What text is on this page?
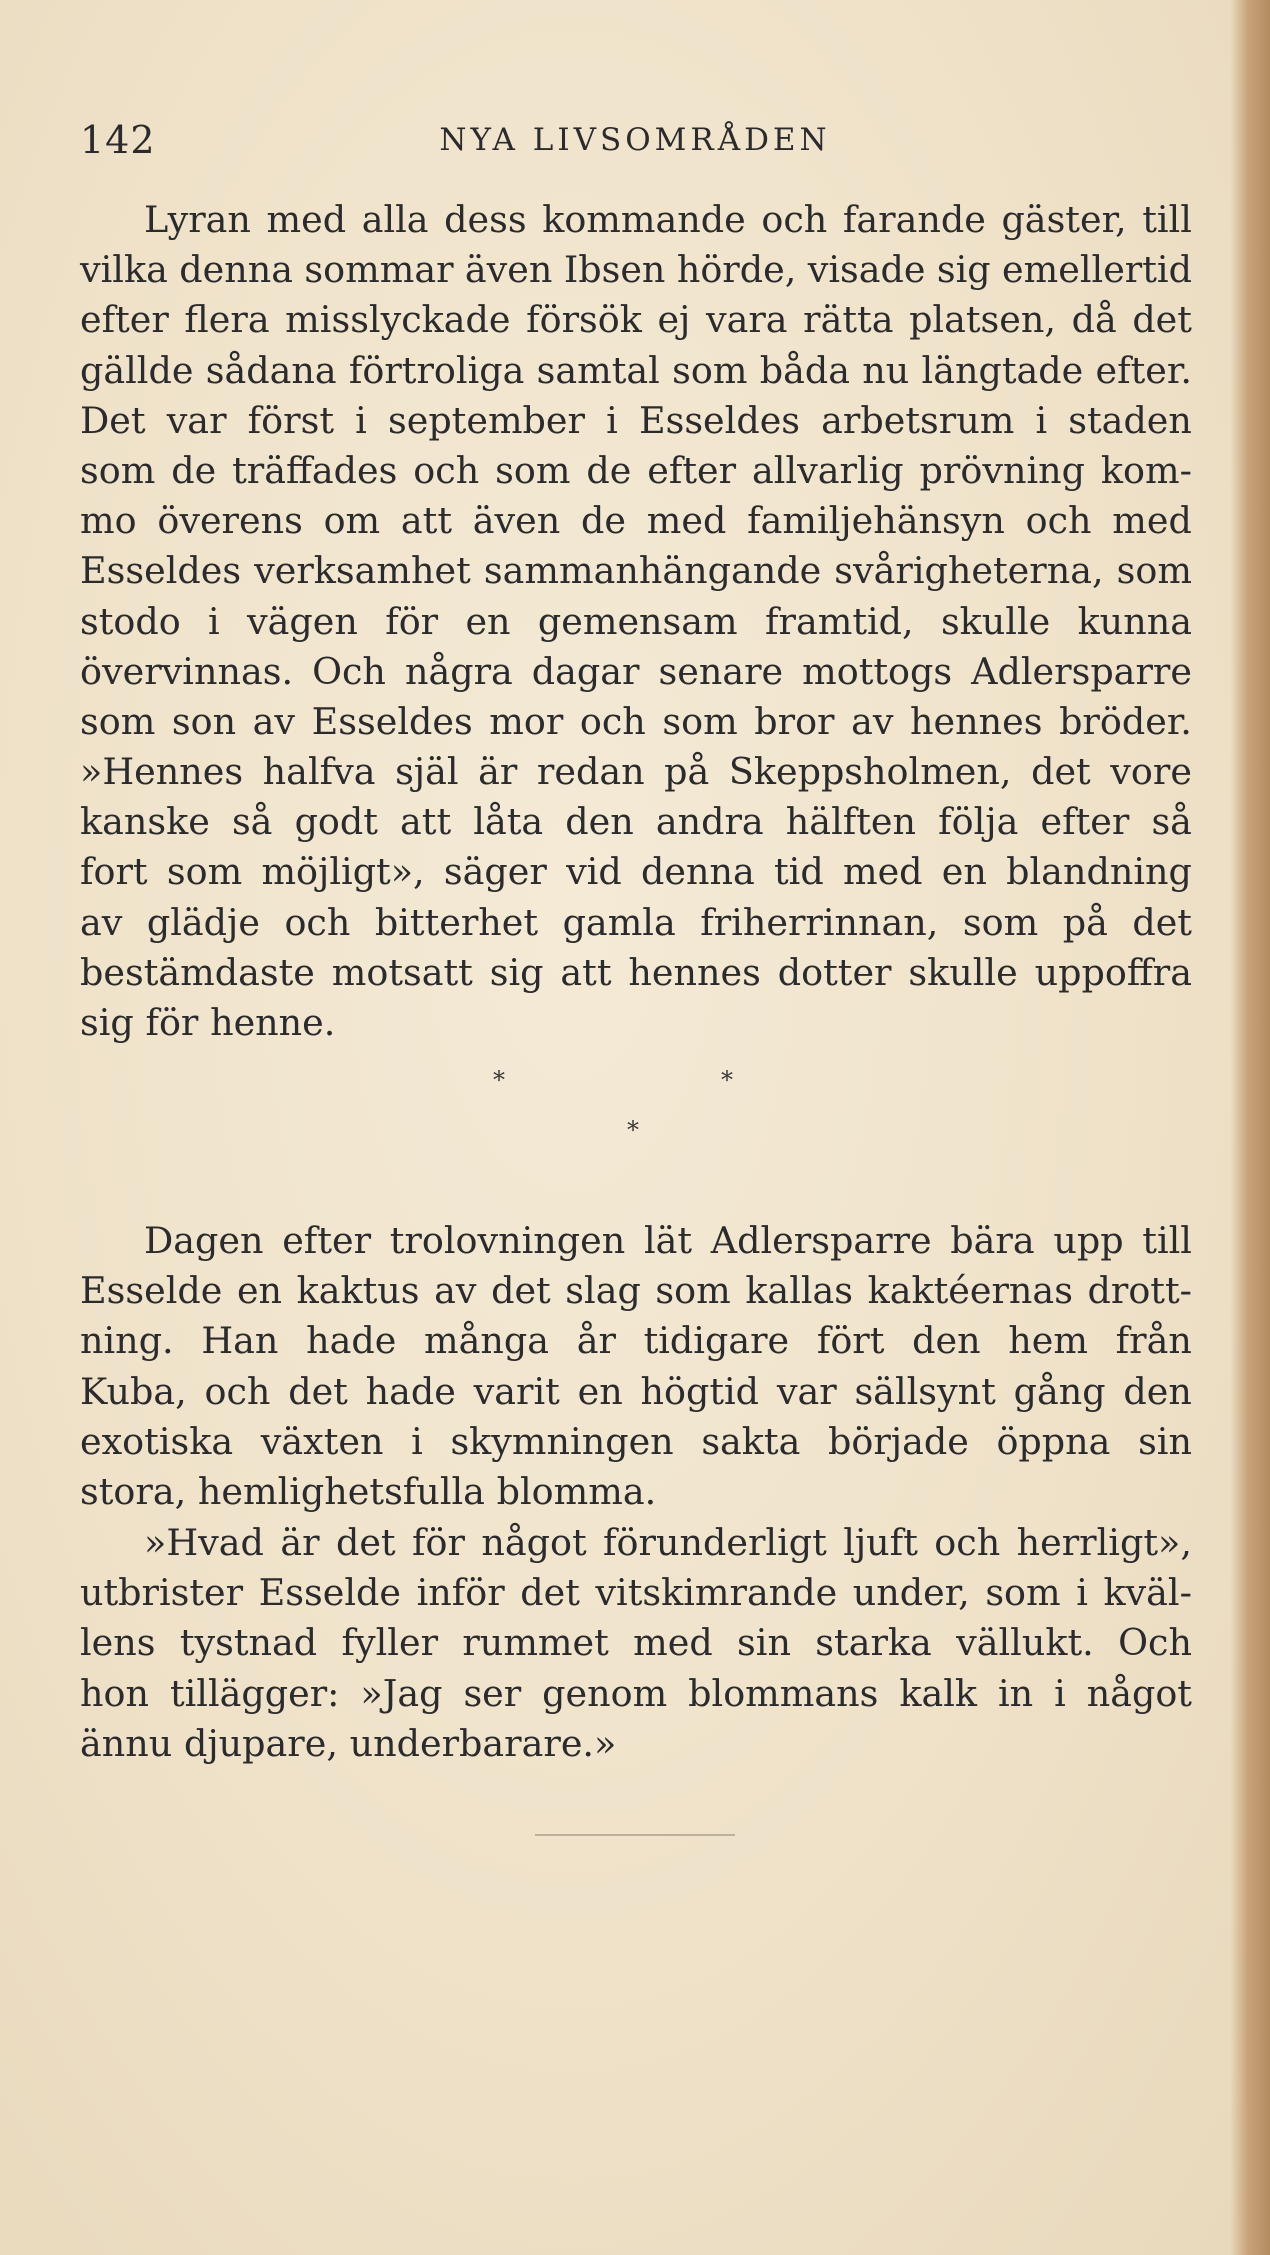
142	NYA LIVSOMRÅDEN
Lyran med alla dess kommande och farande gäster, till
vilka denna sommar även Ibsen hörde, visade sig emellertid
efter flera misslyckade försök ej vara rätta platsen, då det
gällde sådana förtroliga samtal som båda nu längtade efter.
Det var först i september i Esseldes arbetsrum i staden
som de träffades och som de efter allvarlig prövning kom-
mo överens om att även de med familjehänsyn och med
Esseldes verksamhet sammanhängande svårigheterna, som
stodo i vägen för en gemensam framtid, skulle kunna
övervinnas. Och några dagar senare mottogs Adlersparre
som son av Esseldes mor och som bror av hennes bröder.
»Hennes halfva själ är redan på Skeppsholmen, det vore
kanske så godt att låta den andra hälften följa efter så
fort som möjligt», säger vid denna tid med en blandning
av glädje och bitterhet gamla friherrinnan, som på det
bestämdaste motsatt sig att hennes dotter skulle uppoffra
sig för henne.
*	*
*
Dagen efter trolovningen lät Adlersparre bära upp till
Esselde en kaktus av det slag som kallas kaktéernas drott-
ning. Han hade många år tidigare fört den hem från
Kuba, och det hade varit en högtid var sällsynt gång den
exotiska växten i skymningen sakta började öppna sin
stora, hemlighetsfulla blomma.
»Hvad är det för något förunderligt ljuft och herrligt»,
utbrister Esselde inför det vitskimrande under, som i kväl-
lens tystnad fyller rummet med sin starka vällukt. Och
hon tillägger: »Jag ser genom blommans kalk in i något
ännu djupare, underbarare.»
